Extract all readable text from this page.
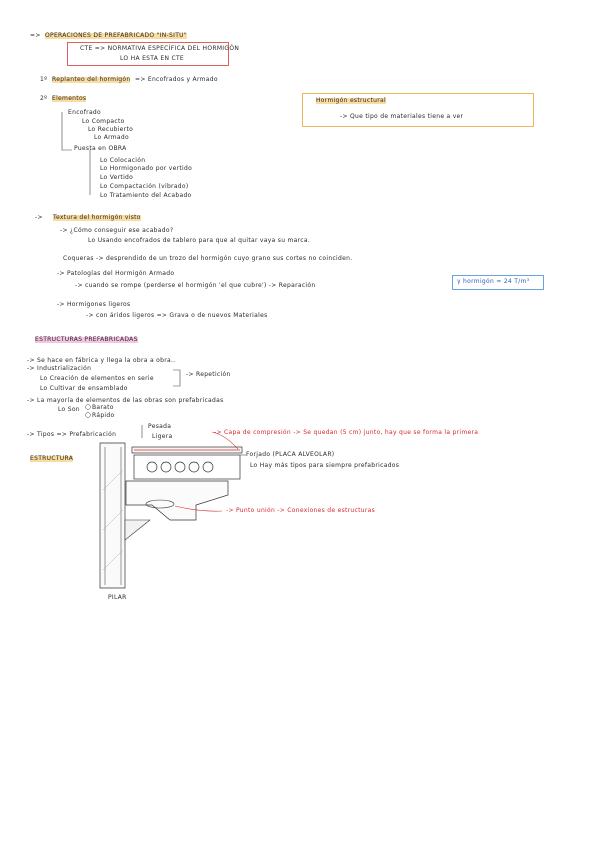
=> OPERACIONES DE PREFABRICADO "IN-SITU"
CTE => NORMATIVA ESPECÍFICA DEL HORMIGÓN
LO HA ESTA EN CTE
1º Replanteo del hormigón => Encofrados y Armado
2º Elementos
Encofrado
Lo Compacto
Lo Recubierto
Lo Armado
Puesta en OBRA
Lo Colocación
Lo Hormigonado por vertido
Lo Vertido
Lo Compactación (vibrado)
Lo Tratamiento del Acabado
Hormigón estructural
-> Que tipo de materiales tiene a ver
-> Textura del hormigón visto
-> ¿Cómo conseguir ese acabado?
Lo Usando encofrados de tablero para que al quitar vaya su marca.
Coqueras -> desprendido de un trozo del hormigón cuyo grano sus cortes no coinciden.
-> Patologías del Hormigón Armado
-> cuando se rompe (perderse el hormigón 'el que cubre') -> Reparación
γ hormigón ≈ 24 T/m³
-> Hormigones ligeros
-> con áridos ligeros => Grava o de nuevos Materiales
ESTRUCTURAS PREFABRICADAS
-> Se hace en fábrica y llega la obra a obra..
-> Industrialización
Lo Creación de elementos en serie
Lo Cultivar de ensamblado
-> Repetición
-> La mayoría de elementos de las obras son prefabricadas
Lo Son Barato
Rápido
-> Tipos => Prefabricación
Pesada
Ligera
ESTRUCTURA
Forjado (PLACA ALVEOLAR)
Lo Hay más tipos para siempre prefabricados
PILAR
-> Capa de compresión -> Se quedan (5 cm) junto, hay que se forma la primera
-> Punto unión -> Conexiones de estructuras
